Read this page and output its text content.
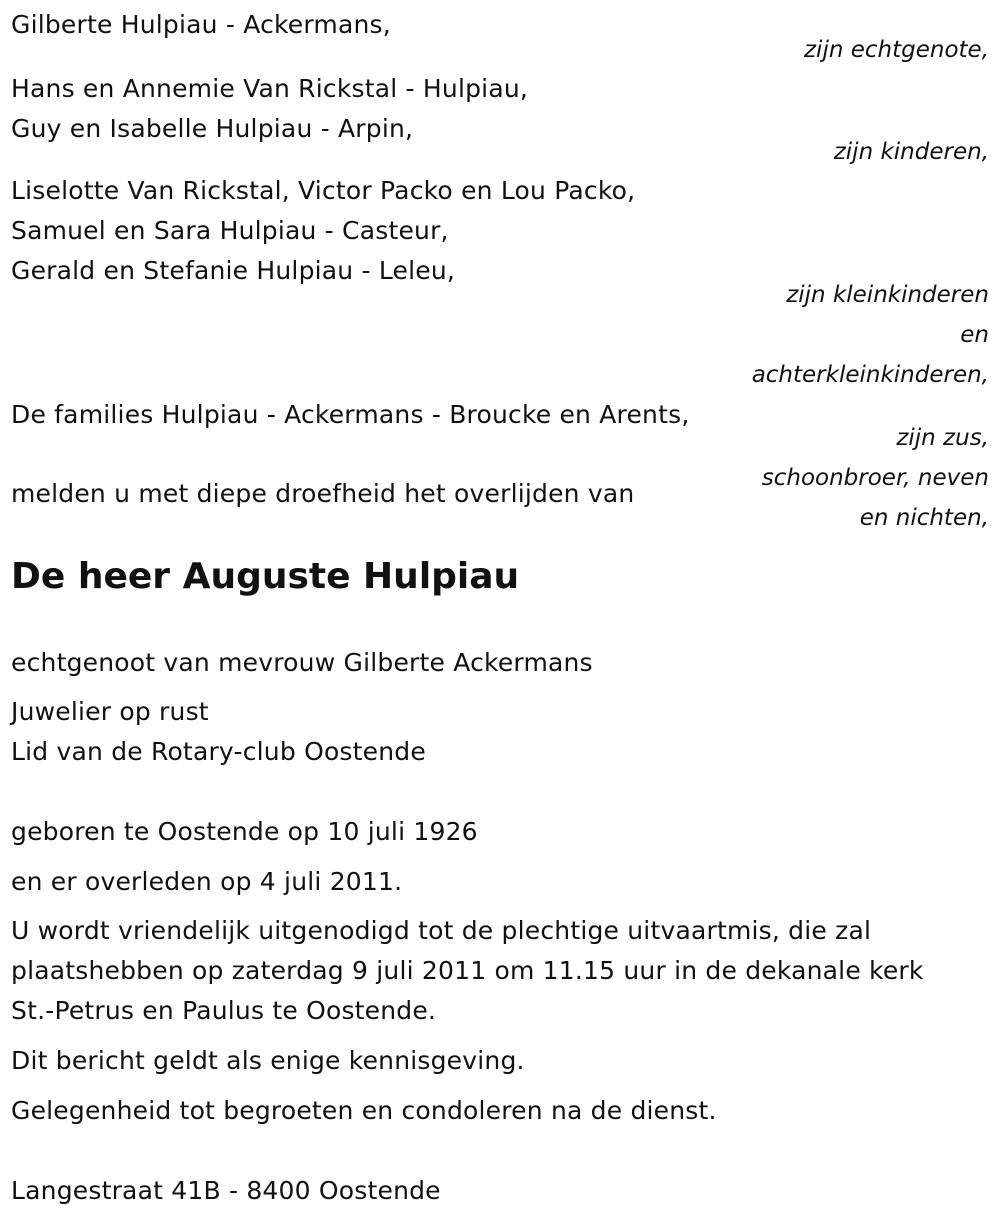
Gilberte Hulpiau - Ackermans,
zijn echtgenote,
Hans en Annemie Van Rickstal - Hulpiau,
Guy en Isabelle Hulpiau - Arpin,
zijn kinderen,
Liselotte Van Rickstal, Victor Packo en Lou Packo,
Samuel en Sara Hulpiau - Casteur,
Gerald en Stefanie Hulpiau - Leleu,
zijn kleinkinderen
en
achterkleinkinderen,
De families Hulpiau - Ackermans - Broucke en Arents,
zijn zus,
schoonbroer, neven
en nichten,
melden u met diepe droefheid het overlijden van
De heer Auguste Hulpiau
echtgenoot van mevrouw Gilberte Ackermans
Juwelier op rust
Lid van de Rotary-club Oostende
geboren te Oostende op 10 juli 1926
en er overleden op 4 juli 2011.
U wordt vriendelijk uitgenodigd tot de plechtige uitvaartmis, die zal
plaatshebben op zaterdag 9 juli 2011 om 11.15 uur in de dekanale kerk
St.-Petrus en Paulus te Oostende.
Dit bericht geldt als enige kennisgeving.
Gelegenheid tot begroeten en condoleren na de dienst.
Langestraat 41B - 8400 Oostende
